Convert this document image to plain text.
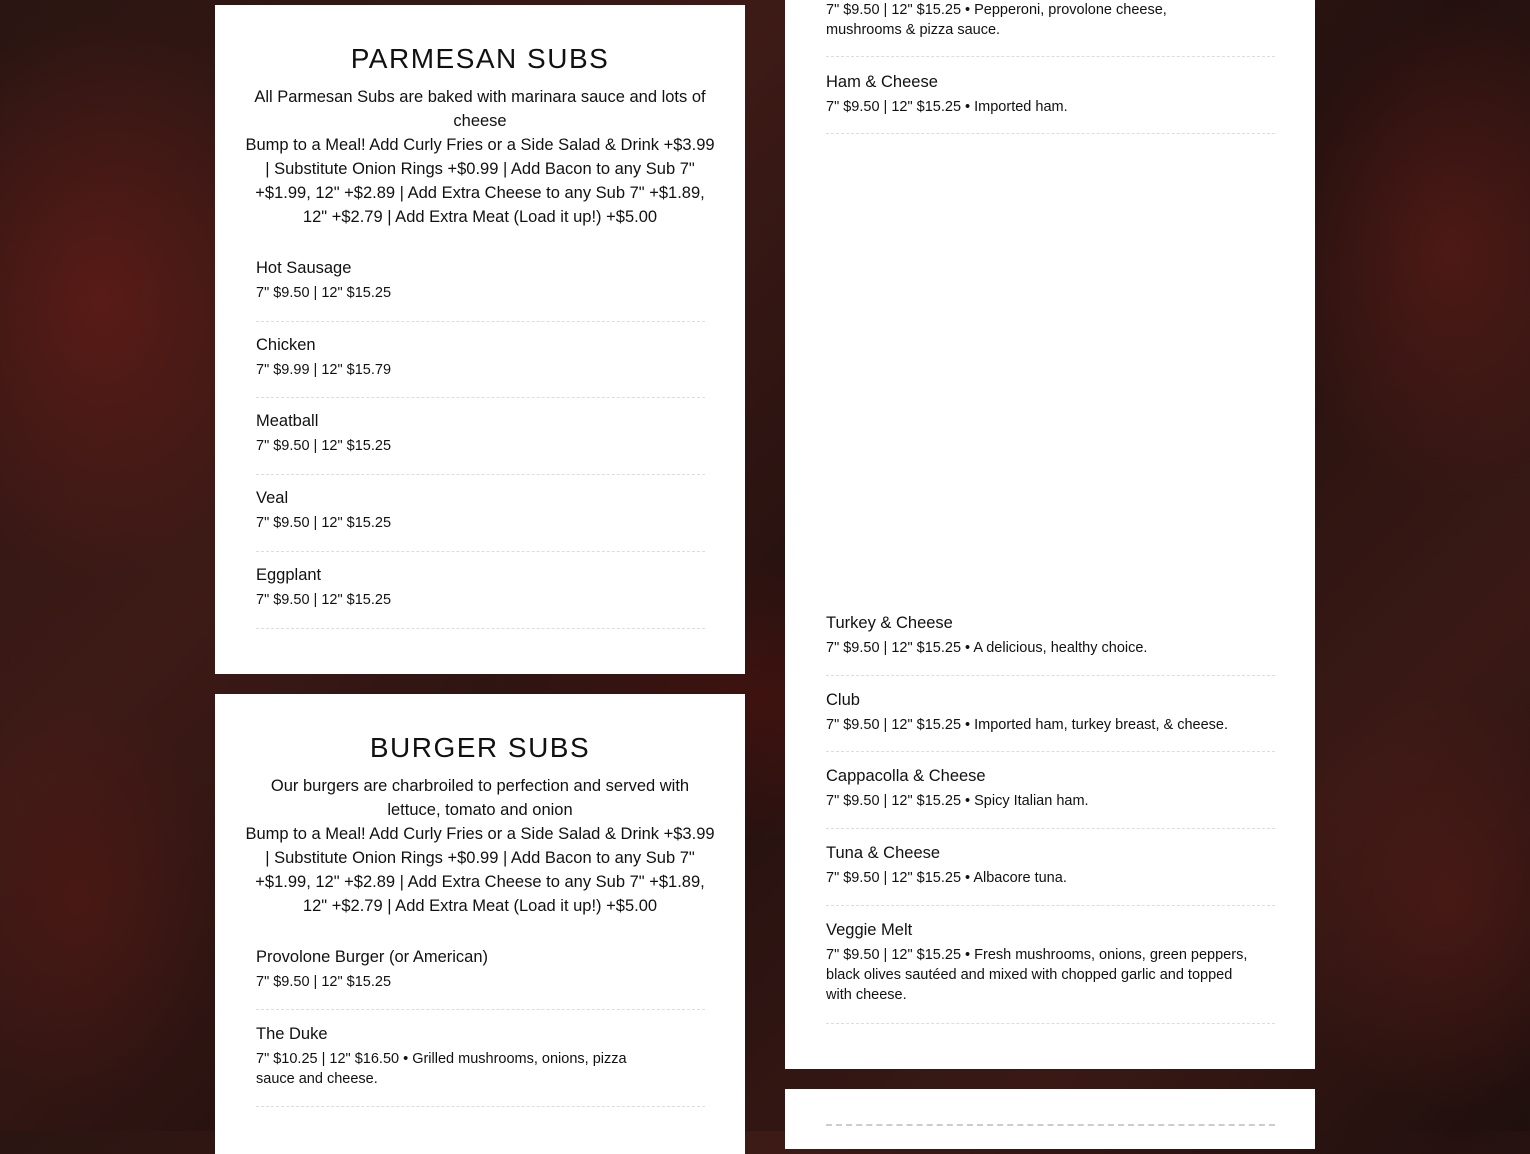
PARMESAN SUBS

All Parmesan Subs are baked with marinara sauce and lots of cheese

Bump to a Meal! Add Curly Fries or a Side Salad & Drink +$3.99 | Substitute Onion Rings +$0.99 | Add Bacon to any Sub 7" +$1.99, 12" +$2.89 | Add Extra Cheese to any Sub 7" +$1.89, 12" +$2.79 | Add Extra Meat (Load it up!) +$5.00

Hot Sausage

7" $9.50 | 12" $15.25

Chicken

7" $9.99 | 12" $15.79

Meatball

7" $9.50 | 12" $15.25

Veal

7" $9.50 | 12" $15.25

Eggplant

7" $9.50 | 12" $15.25

BURGER SUBS

Our burgers are charbroiled to perfection and served with lettuce, tomato and onion

Bump to a Meal! Add Curly Fries or a Side Salad & Drink +$3.99 | Substitute Onion Rings +$0.99 | Add Bacon to any Sub 7" +$1.99, 12" +$2.89 | Add Extra Cheese to any Sub 7" +$1.89, 12" +$2.79 | Add Extra Meat (Load it up!) +$5.00

Provolone Burger (or American)

7" $9.50 | 12" $15.25

The Duke

7" $10.25 | 12" $16.50 • Grilled mushrooms, onions, pizza sauce and cheese.

7" $9.50 | 12" $15.25 • Pepperoni, provolone cheese, mushrooms & pizza sauce.

Ham & Cheese

7" $9.50 | 12" $15.25 • Imported ham.

Turkey & Cheese

7" $9.50 | 12" $15.25 • A delicious, healthy choice.

Club

7" $9.50 | 12" $15.25 • Imported ham, turkey breast, & cheese.

Cappacolla & Cheese

7" $9.50 | 12" $15.25 • Spicy Italian ham.

Tuna & Cheese

7" $9.50 | 12" $15.25 • Albacore tuna.

Veggie Melt

7" $9.50 | 12" $15.25 • Fresh mushrooms, onions, green peppers, black olives sautéed and mixed with chopped garlic and topped with cheese.
